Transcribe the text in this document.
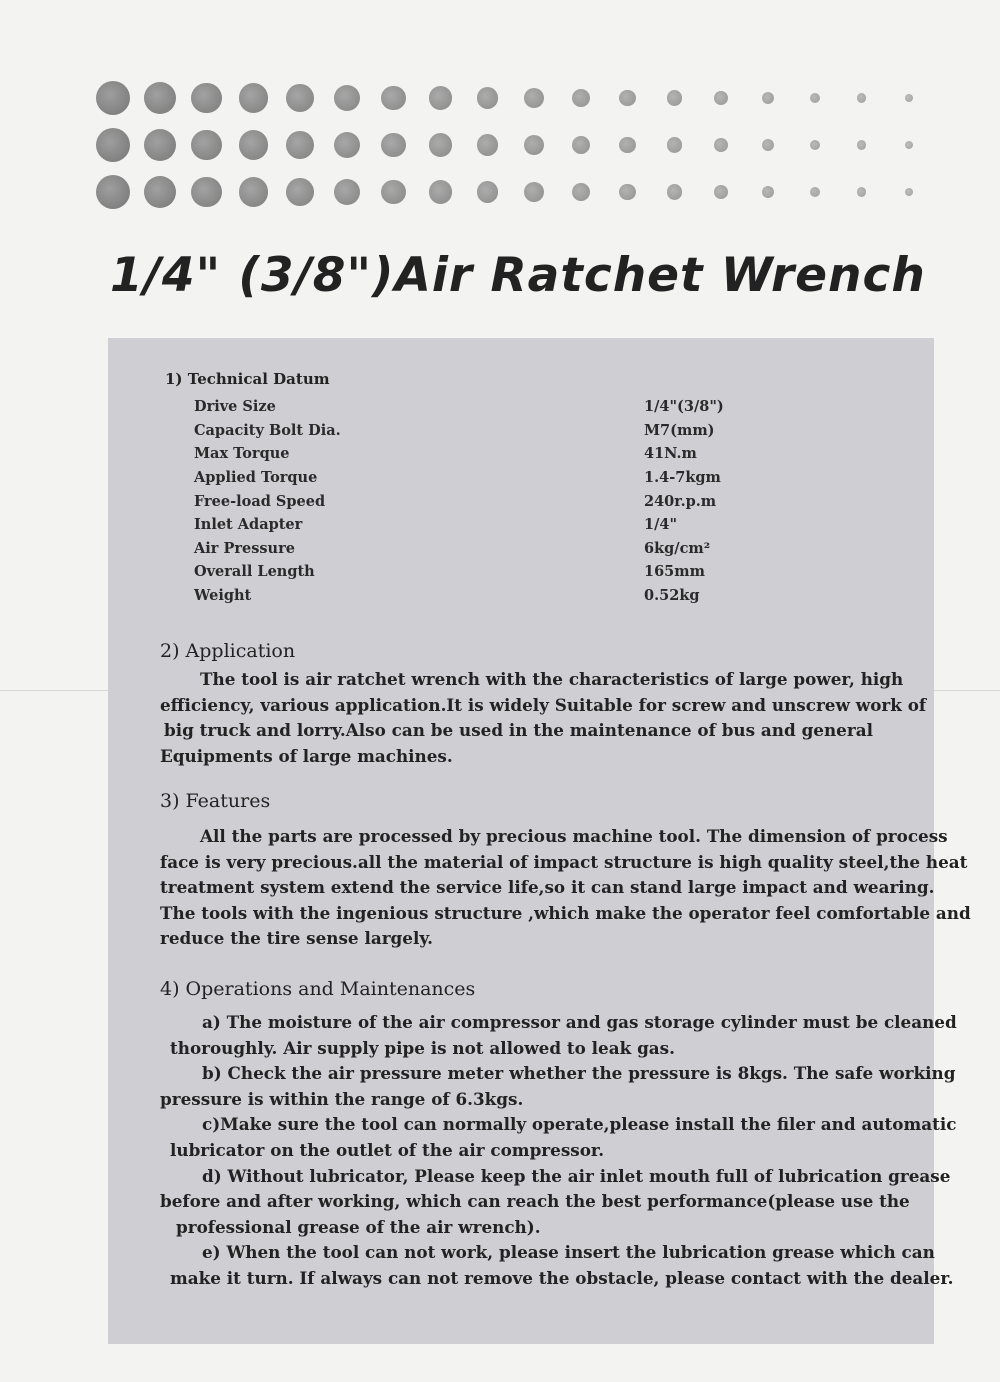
1/4" (3/8")Air Ratchet Wrench
1) Technical Datum
Drive Size	1/4"(3/8")
Capacity Bolt Dia.	M7(mm)
Max Torque	41N.m
Applied Torque	1.4-7kgm
Free-load Speed	240r.p.m
Inlet Adapter	1/4"
Air Pressure	6kg/cm²
Overall Length	165mm
Weight	0.52kg
2) Application
The tool is air ratchet wrench with the characteristics of large power, high
efficiency, various application.It is widely Suitable for screw and unscrew work of
big truck and lorry.Also can be used in the maintenance of bus and general
Equipments of large machines.
3) Features
All the parts are processed by precious machine tool. The dimension of process
face is very precious.all the material of impact structure is high quality steel,the heat
treatment system extend the service life,so it can stand large impact and wearing.
The tools with the ingenious structure ,which make the operator feel comfortable and
reduce the tire sense largely.
4) Operations and Maintenances
a) The moisture of the air compressor and gas storage cylinder must be cleaned
thoroughly. Air supply pipe is not allowed to leak gas.
b) Check the air pressure meter whether the pressure is 8kgs. The safe working
pressure is within the range of 6.3kgs.
c)Make sure the tool can normally operate,please install the filer and automatic
lubricator on the outlet of the air compressor.
d) Without lubricator, Please keep the air inlet mouth full of lubrication grease
before and after working, which can reach the best performance(please use the
professional grease of the air wrench).
e) When the tool can not work, please insert the lubrication grease which can
make it turn. If always can not remove the obstacle, please contact with the dealer.
